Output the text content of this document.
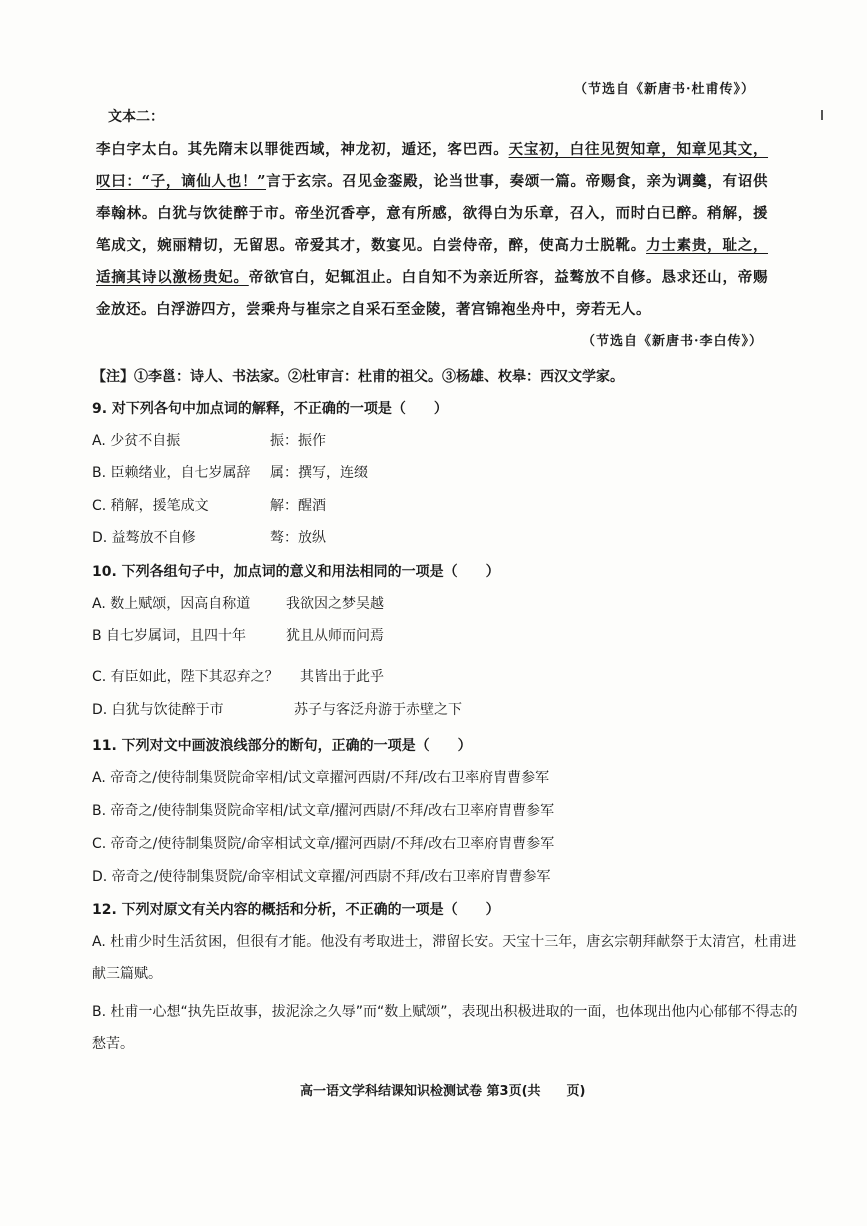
（节选自《新唐书·杜甫传》）
文本二：
李白字太白。其先隋末以罪徙西域，神龙初，遁还，客巴西。天宝初，白往见贺知章，知章见其文，叹曰：“子，谪仙人也！”言于玄宗。召见金銮殿，论当世事，奏颂一篇。帝赐食，亲为调羹，有诏供奉翰林。白犹与饮徒醉于市。帝坐沉香亭，意有所感，欲得白为乐章，召入，而时白已醉。稍解，援笔成文，婉丽精切，无留思。帝爱其才，数宴见。白尝侍帝，醉，使高力士脱靴。力士素贵，耻之，适摘其诗以激杨贵妃。帝欲官白，妃辄沮止。白自知不为亲近所容，益骜放不自修。恳求还山，帝赐金放还。白浮游四方，尝乘舟与崔宗之自采石至金陵，著宫锦袍坐舟中，旁若无人。
（节选自《新唐书·李白传》）
【注】①李邕：诗人、书法家。②杜审言：杜甫的祖父。③杨雄、枚皋：西汉文学家。
9. 对下列各句中加点词的解释，不正确的一项是（　　）
A. 少贫不自振	振：振作
B. 臣赖绪业，自七岁属辞 属：撰写，连缀
C. 稍解，援笔成文	解：醒酒
D. 益骜放不自修	骜：放纵
10. 下列各组句子中，加点词的意义和用法相同的一项是（　　）
A. 数上赋颂，因高自称道	我欲因之梦吴越
B 自七岁属词，且四十年	犹且从师而问焉
C. 有臣如此，陛下其忍弃之？ 其皆出于此乎
D. 白犹与饮徒醉于市	苏子与客泛舟游于赤壁之下
11. 下列对文中画波浪线部分的断句，正确的一项是（　　）
A. 帝奇之/使待制集贤院命宰相/试文章擢河西尉/不拜/改右卫率府胄曹参军
B. 帝奇之/使待制集贤院命宰相/试文章/擢河西尉/不拜/改右卫率府胄曹参军
C. 帝奇之/使待制集贤院/命宰相试文章/擢河西尉/不拜/改右卫率府胄曹参军
D. 帝奇之/使待制集贤院/命宰相试文章擢/河西尉不拜/改右卫率府胄曹参军
12. 下列对原文有关内容的概括和分析，不正确的一项是（　　）
A. 杜甫少时生活贫困，但很有才能。他没有考取进士，滞留长安。天宝十三年，唐玄宗朝拜献祭于太清宫，杜甫进献三篇赋。
B. 杜甫一心想“执先臣故事，拔泥涂之久辱”而“数上赋颂”，表现出积极进取的一面，也体现出他内心郁郁不得志的愁苦。
高一语文学科结课知识检测试卷 第3页(共　　页)
